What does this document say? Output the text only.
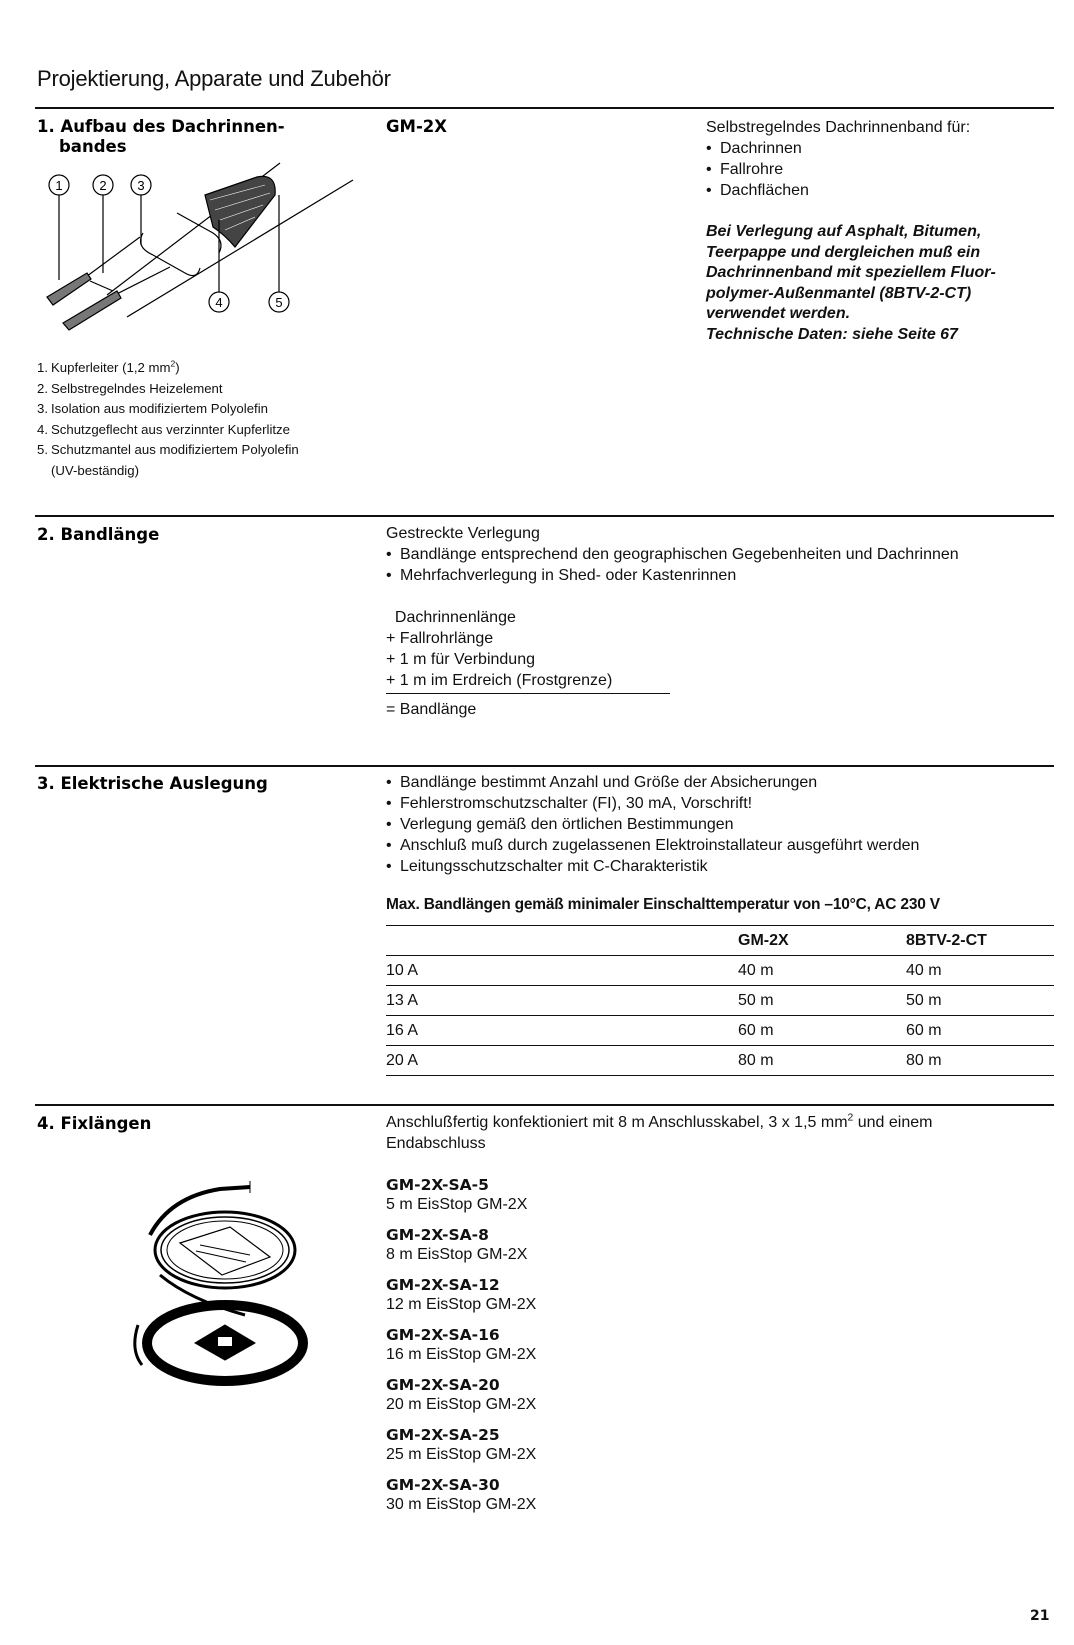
Projektierung, Apparate und Zubehör
1. Aufbau des Dachrinnen-
bandes
1	2 3
4	5
1. Kupferleiter (1,2 $mm^2$)
2. Selbstregelndes Heizelement
3. Isolation aus modifiziertem Polyolefin
4. Schutzgeflecht aus verzinnter Kupferlitze
5. Schutzmantel aus modifiziertem Polyolefin
(UV-beständig)
GM-2X	Selbstregelndes Dachrinnenband für:
• Dachrinnen
• Fallrohre
• Dachflächen
Bei Verlegung auf Asphalt, Bitumen,
Teerpappe und dergleichen muß ein
Dachrinnenband mit speziellem Fluor-
polymer-Außenmantel (8BTV-2-CT)
verwendet werden.
Technische Daten: siehe Seite 67
2. Bandlänge	Gestreckte Verlegung
• Bandlänge entsprechend den geographischen Gegebenheiten und Dachrinnen
• Mehrfachverlegung in Shed- oder Kastenrinnen
Dachrinnenlänge
+ Fallrohrlänge
+ 1 m für Verbindung
+ 1 m im Erdreich (Frostgrenze)
= Bandlänge
3. Elektrische Auslegung	• Bandlänge bestimmt Anzahl und Größe der Absicherungen
• Fehlerstromschutzschalter (FI), 30 mA, Vorschrift!
• Verlegung gemäß den örtlichen Bestimmungen
• Anschluß muß durch zugelassenen Elektroinstallateur ausgeführt werden
• Leitungsschutzschalter mit C-Charakteristik
Max. Bandlängen gemäß minimaler Einschalttemperatur von –10°C, AC 230 V
	GM-2X	8BTV-2-CT
10 A	40 m	40 m
13 A	50 m	50 m
16 A	60 m	60 m
20 A	80 m	80 m
4. Fixlängen	Anschlußfertig konfektioniert mit 8 m Anschlusskabel, 3 x 1,5 $mm^2$ und einem
Endabschluss
GM-2X-SA-5
5 m EisStop GM-2X
GM-2X-SA-8
8 m EisStop GM-2X
GM-2X-SA-12
12 m EisStop GM-2X
GM-2X-SA-16
16 m EisStop GM-2X
GM-2X-SA-20
20 m EisStop GM-2X
GM-2X-SA-25
25 m EisStop GM-2X
GM-2X-SA-30
30 m EisStop GM-2X
21
